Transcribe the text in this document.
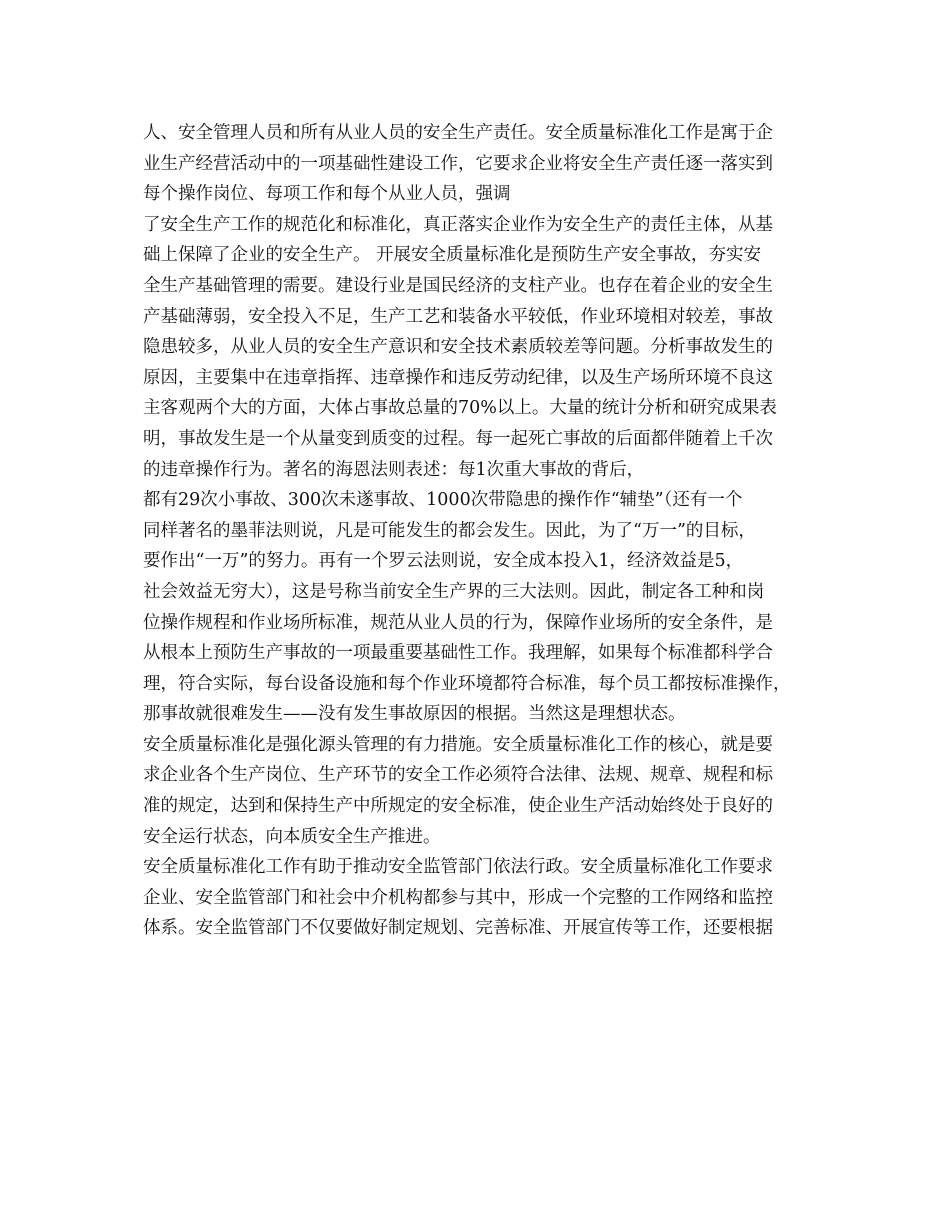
人、安全管理人员和所有从业人员的安全生产责任。安全质量标准化工作是寓于企
业生产经营活动中的一项基础性建设工作，它要求企业将安全生产责任逐一落实到
每个操作岗位、每项工作和每个从业人员，强调
了安全生产工作的规范化和标准化，真正落实企业作为安全生产的责任主体，从基
础上保障了企业的安全生产。 开展安全质量标准化是预防生产安全事故，夯实安
全生产基础管理的需要。建设行业是国民经济的支柱产业。也存在着企业的安全生
产基础薄弱，安全投入不足，生产工艺和装备水平较低，作业环境相对较差，事故
隐患较多，从业人员的安全生产意识和安全技术素质较差等问题。分析事故发生的
原因，主要集中在违章指挥、违章操作和违反劳动纪律，以及生产场所环境不良这
主客观两个大的方面，大体占事故总量的70%以上。大量的统计分析和研究成果表
明，事故发生是一个从量变到质变的过程。每一起死亡事故的后面都伴随着上千次
的违章操作行为。著名的海恩法则表述：每1次重大事故的背后，
都有29次小事故、300次未遂事故、1000次带隐患的操作作“辅垫”（还有一个
同样著名的墨菲法则说，凡是可能发生的都会发生。因此，为了“万一”的目标，
要作出“一万”的努力。再有一个罗云法则说，安全成本投入1，经济效益是5，
社会效益无穷大），这是号称当前安全生产界的三大法则。因此，制定各工种和岗
位操作规程和作业场所标准，规范从业人员的行为，保障作业场所的安全条件，是
从根本上预防生产事故的一项最重要基础性工作。我理解，如果每个标准都科学合
理，符合实际，每台设备设施和每个作业环境都符合标准，每个员工都按标准操作，
那事故就很难发生——没有发生事故原因的根据。当然这是理想状态。
安全质量标准化是强化源头管理的有力措施。安全质量标准化工作的核心，就是要
求企业各个生产岗位、生产环节的安全工作必须符合法律、法规、规章、规程和标
准的规定，达到和保持生产中所规定的安全标准，使企业生产活动始终处于良好的
安全运行状态，向本质安全生产推进。
安全质量标准化工作有助于推动安全监管部门依法行政。安全质量标准化工作要求
企业、安全监管部门和社会中介机构都参与其中，形成一个完整的工作网络和监控
体系。安全监管部门不仅要做好制定规划、完善标准、开展宣传等工作，还要根据
